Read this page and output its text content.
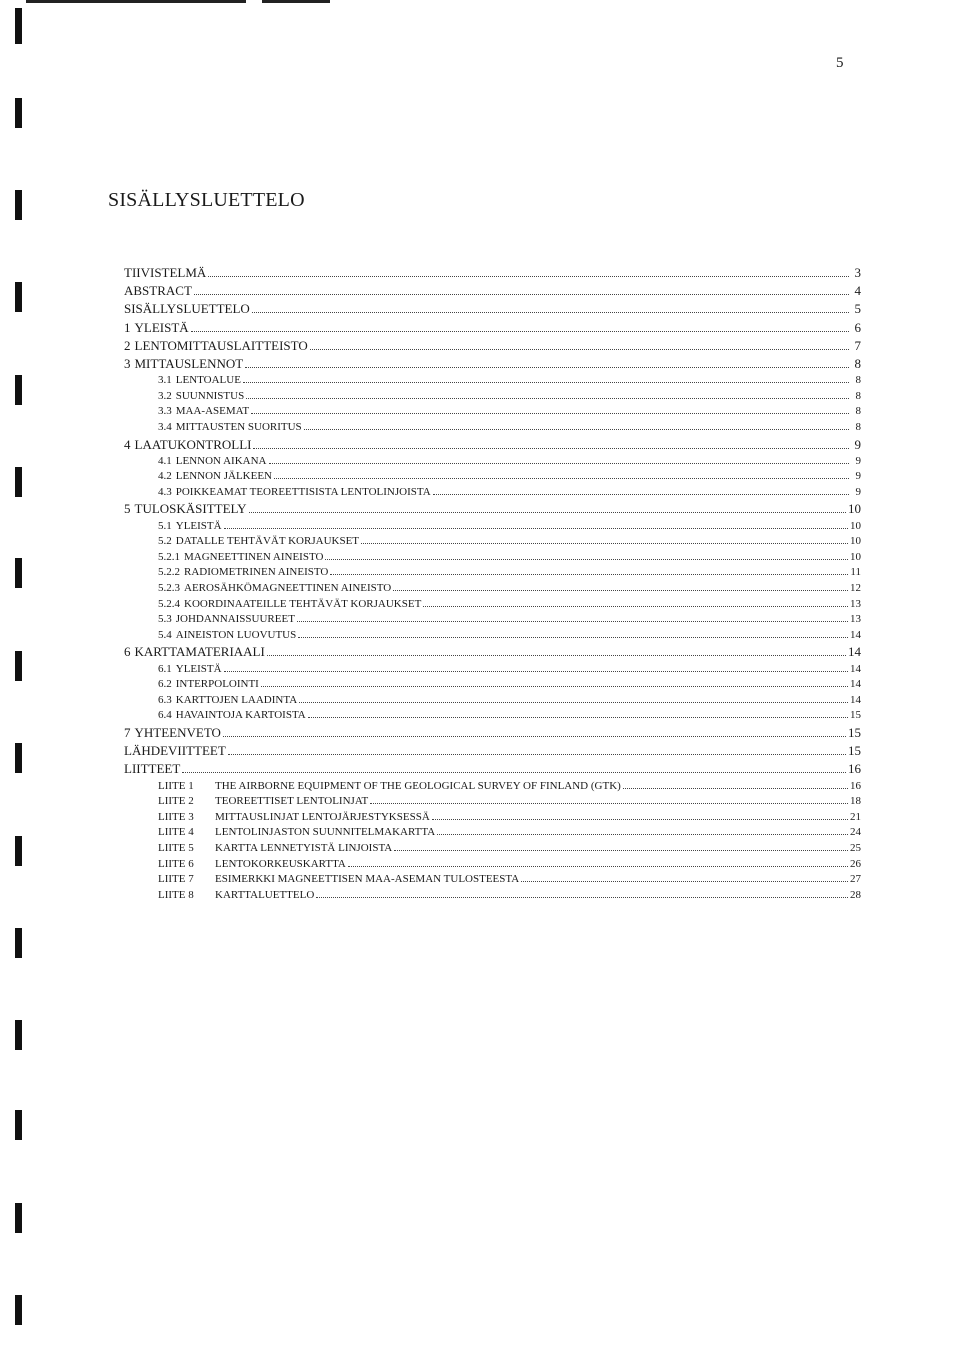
5
SISÄLLYSLUETTELO
TIIVISTELMÄ	3
ABSTRACT	4
SISÄLLYSLUETTELO	5
1 YLEISTÄ	6
2 LENTOMITTAUSLAITTEISTO	7
3 MITTAUSLENNOT	8
3.1 LENTOALUE	8
3.2 SUUNNISTUS	8
3.3 MAA-ASEMAT	8
3.4 MITTAUSTEN SUORITUS	8
4 LAATUKONTROLLI	9
4.1 LENNON AIKANA	9
4.2 LENNON JÄLKEEN	9
4.3 POIKKEAMAT TEOREETTISISTA LENTOLINJOISTA	9
5 TULOSKÄSITTELY	10
5.1 YLEISTÄ	10
5.2 DATALLE TEHTÄVÄT KORJAUKSET	10
5.2.1 MAGNEETTINEN AINEISTO	10
5.2.2 RADIOMETRINEN AINEISTO	11
5.2.3 AEROSÄHKÖMAGNEETTINEN AINEISTO	12
5.2.4 KOORDINAATEILLE TEHTÄVÄT KORJAUKSET	13
5.3 JOHDANNAISSUUREET	13
5.4 AINEISTON LUOVUTUS	14
6 KARTTAMATERIAALI	14
6.1 YLEISTÄ	14
6.2 INTERPOLOINTI	14
6.3 KARTTOJEN LAADINTA	14
6.4 HAVAINTOJA KARTOISTA	15
7 YHTEENVETO	15
LÄHDEVIITTEET	15
LIITTEET	16
LIITE 1	THE AIRBORNE EQUIPMENT OF THE GEOLOGICAL SURVEY OF FINLAND (GTK)	16
LIITE 2	TEOREETTISET LENTOLINJAT	18
LIITE 3	MITTAUSLINJAT LENTOJÄRJESTYKSESSÄ	21
LIITE 4	LENTOLINJASTON SUUNNITELMAKARTTA	24
LIITE 5	KARTTA LENNETYISTÄ LINJOISTA	25
LIITE 6	LENTOKORKEUSKARTTA	26
LIITE 7	ESIMERKKI MAGNEETTISEN MAA-ASEMAN TULOSTEESTA	27
LIITE 8	KARTTALUETTELO	28
